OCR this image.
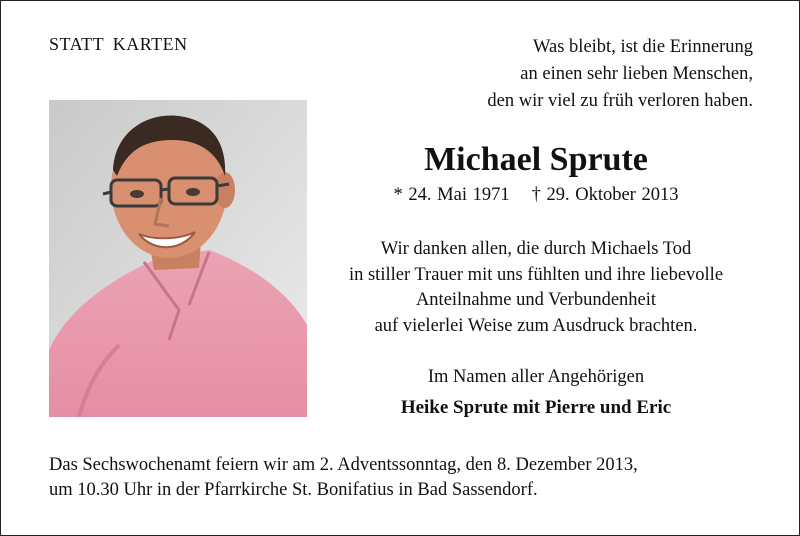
STATT KARTEN	Was bleibt, ist die Erinnerung
an einen sehr lieben Menschen,
den wir viel zu früh verloren haben.
Michael Sprute
* 24. Mai 1971 † 29. Oktober 2013
Wir danken allen, die durch Michaels Tod
in stiller Trauer mit uns fühlten und ihre liebevolle
Anteilnahme und Verbundenheit
auf vielerlei Weise zum Ausdruck brachten.
Im Namen aller Angehörigen
Heike Sprute mit Pierre und Eric
Das Sechswochenamt feiern wir am 2. Adventssonntag, den 8. Dezember 2013,
um 10.30 Uhr in der Pfarrkirche St. Bonifatius in Bad Sassendorf.
